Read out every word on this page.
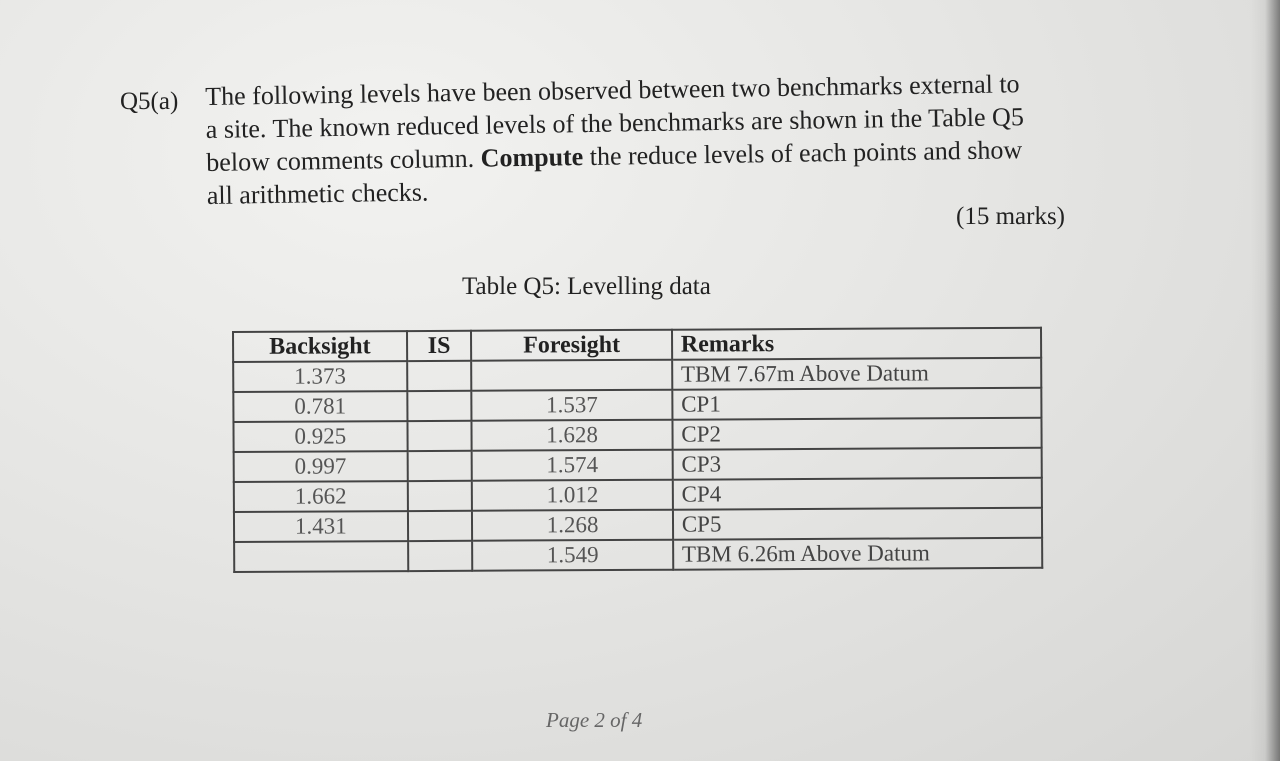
Q5(a) The following levels have been observed between two benchmarks external to
a site. The known reduced levels of the benchmarks are shown in the Table Q5
below comments column. Compute the reduce levels of each points and show
all arithmetic checks.
(15 marks)
Table Q5: Levelling data
Backsight	IS	Foresight	Remarks
1.373			TBM 7.67m Above Datum
0.781		1.537	CP1
0.925		1.628	CP2
0.997		1.574	CP3
1.662		1.012	CP4
1.431		1.268	CP5
		1.549	TBM 6.26m Above Datum
Page 2 of 4
